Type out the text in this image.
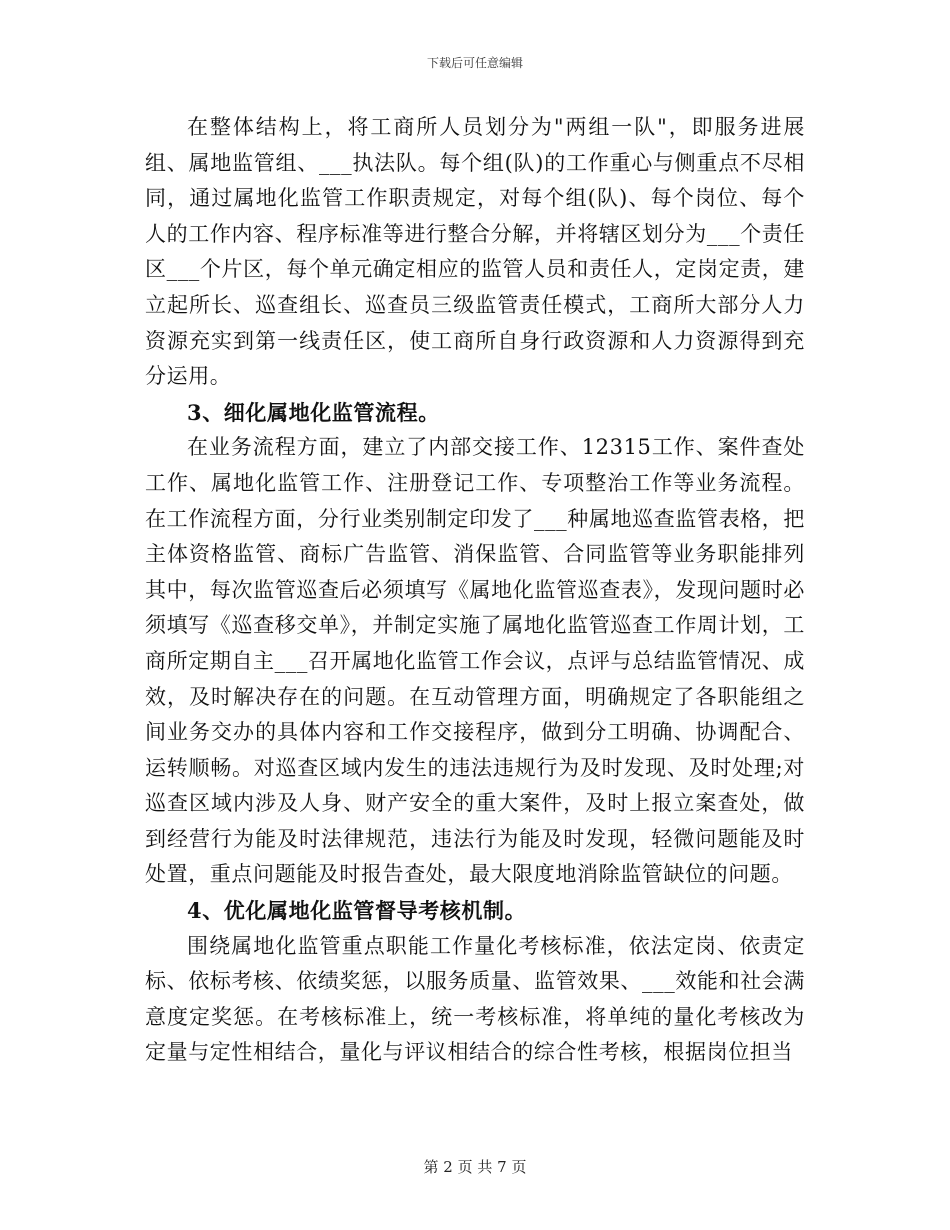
下载后可任意编辑

在整体结构上，将工商所人员划分为"两组一队"，即服务进展组、属地监管组、___执法队。每个组(队)的工作重心与侧重点不尽相同，通过属地化监管工作职责规定，对每个组(队)、每个岗位、每个人的工作内容、程序标准等进行整合分解，并将辖区划分为___个责任区___个片区，每个单元确定相应的监管人员和责任人，定岗定责，建立起所长、巡查组长、巡查员三级监管责任模式，工商所大部分人力资源充实到第一线责任区，使工商所自身行政资源和人力资源得到充分运用。

3、细化属地化监管流程。

在业务流程方面，建立了内部交接工作、12315工作、案件查处工作、属地化监管工作、注册登记工作、专项整治工作等业务流程。在工作流程方面，分行业类别制定印发了___种属地巡查监管表格，把主体资格监管、商标广告监管、消保监管、合同监管等业务职能排列其中，每次监管巡查后必须填写《属地化监管巡查表》，发现问题时必须填写《巡查移交单》，并制定实施了属地化监管巡查工作周计划，工商所定期自主___召开属地化监管工作会议，点评与总结监管情况、成效，及时解决存在的问题。在互动管理方面，明确规定了各职能组之间业务交办的具体内容和工作交接程序，做到分工明确、协调配合、运转顺畅。对巡查区域内发生的违法违规行为及时发现、及时处理;对巡查区域内涉及人身、财产安全的重大案件，及时上报立案查处，做到经营行为能及时法律规范，违法行为能及时发现，轻微问题能及时处置，重点问题能及时报告查处，最大限度地消除监管缺位的问题。

4、优化属地化监管督导考核机制。

围绕属地化监管重点职能工作量化考核标准，依法定岗、依责定标、依标考核、依绩奖惩，以服务质量、监管效果、___效能和社会满意度定奖惩。在考核标准上，统一考核标准，将单纯的量化考核改为定量与定性相结合，量化与评议相结合的综合性考核，根据岗位担当

第 2 页 共 7 页
